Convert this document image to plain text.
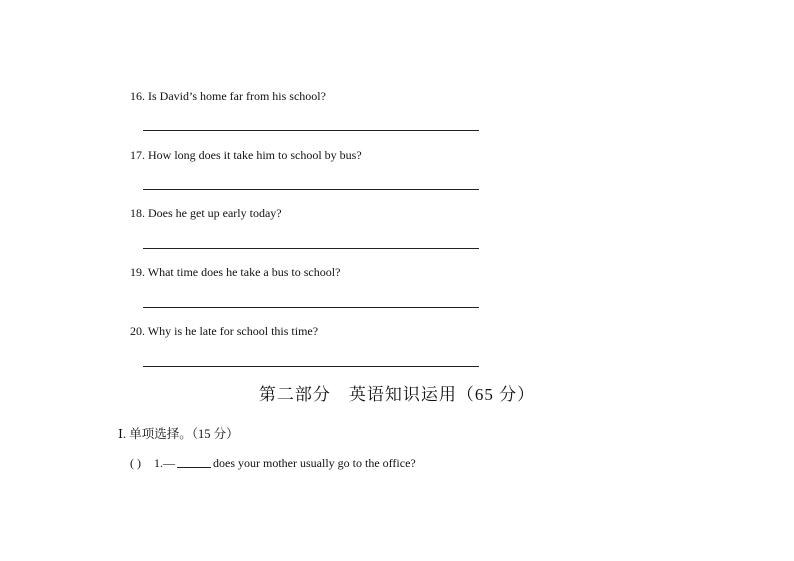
16. Is David’s home far from his school?
17. How long does it take him to school by bus?
18. Does he get up early today?
19. What time does he take a bus to school?
20. Why is he late for school this time?
第二部分 英语知识运用（65 分）
Ⅰ. 单项选择。（15 分）
( ) 1.—	does your mother usually go to the office?
